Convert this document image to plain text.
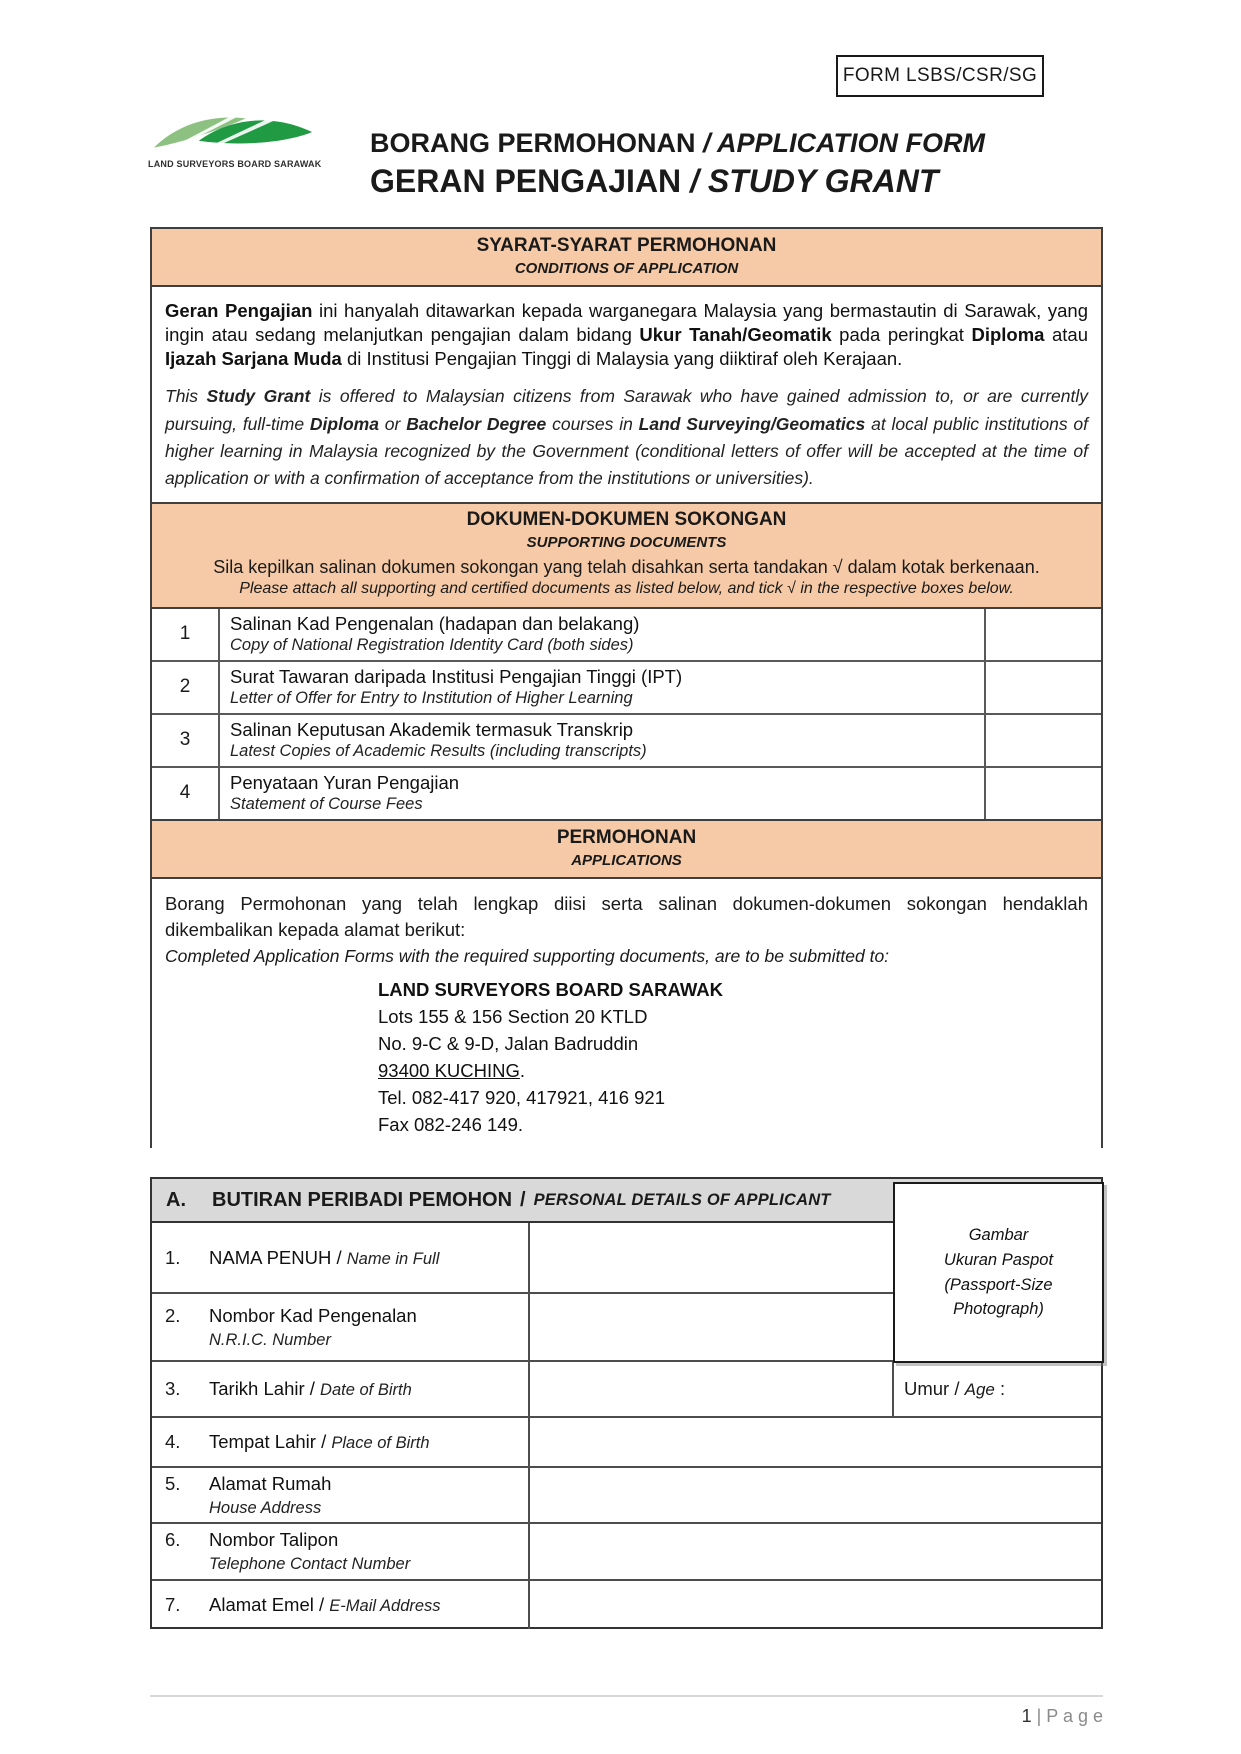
FORM LSBS/CSR/SG
LAND SURVEYORS BOARD SARAWAK
BORANG PERMOHONAN / APPLICATION FORM
GERAN PENGAJIAN / STUDY GRANT
SYARAT-SYARAT PERMOHONAN
CONDITIONS OF APPLICATION

Geran Pengajian ini hanyalah ditawarkan kepada warganegara Malaysia yang bermastautin di Sarawak, yang ingin atau sedang melanjutkan pengajian dalam bidang Ukur Tanah/Geomatik pada peringkat Diploma atau Ijazah Sarjana Muda di Institusi Pengajian Tinggi di Malaysia yang diiktiraf oleh Kerajaan.

This Study Grant is offered to Malaysian citizens from Sarawak who have gained admission to, or are currently pursuing, full-time Diploma or Bachelor Degree courses in Land Surveying/Geomatics at local public institutions of higher learning in Malaysia recognized by the Government (conditional letters of offer will be accepted at the time of application or with a confirmation of acceptance from the institutions or universities).

DOKUMEN-DOKUMEN SOKONGAN
SUPPORTING DOCUMENTS
Sila kepilkan salinan dokumen sokongan yang telah disahkan serta tandakan √ dalam kotak berkenaan.
Please attach all supporting and certified documents as listed below, and tick √ in the respective boxes below.
1	Salinan Kad Pengenalan (hadapan dan belakang)
Copy of National Registration Identity Card (both sides)	

2	Surat Tawaran daripada Institusi Pengajian Tinggi (IPT)
Letter of Offer for Entry to Institution of Higher Learning	

3	Salinan Keputusan Akademik termasuk Transkrip
Latest Copies of Academic Results (including transcripts)	

4	Penyataan Yuran Pengajian
Statement of Course Fees	

PERMOHONAN
APPLICATIONS

Borang Permohonan yang telah lengkap diisi serta salinan dokumen-dokumen sokongan hendaklah dikembalikan kepada alamat berikut:

Completed Application Forms with the required supporting documents, are to be submitted to:

LAND SURVEYORS BOARD SARAWAK
Lots 155 & 156 Section 20 KTLD
No. 9-C & 9-D, Jalan Badruddin
93400 KUCHING.
Tel. 082-417 920, 417921, 416 921
Fax 082-246 149.
A.	BUTIRAN PERIBADI PEMOHON / PERSONAL DETAILS OF APPLICANT
1. NAMA PENUH / Name in Full		

2. Nombor Kad Pengenalan
N.R.I.C. Number		

3. Tarikh Lahir / Date of Birth		Umur / Age :

4. Tempat Lahir / Place of Birth		

5. Alamat Rumah
House Address		

6. Nombor Talipon
Telephone Contact Number		

7. Alamat Emel / E-Mail Address		

Gambar
Ukuran Paspot
(Passport-Size
Photograph)
1 | P a g e
